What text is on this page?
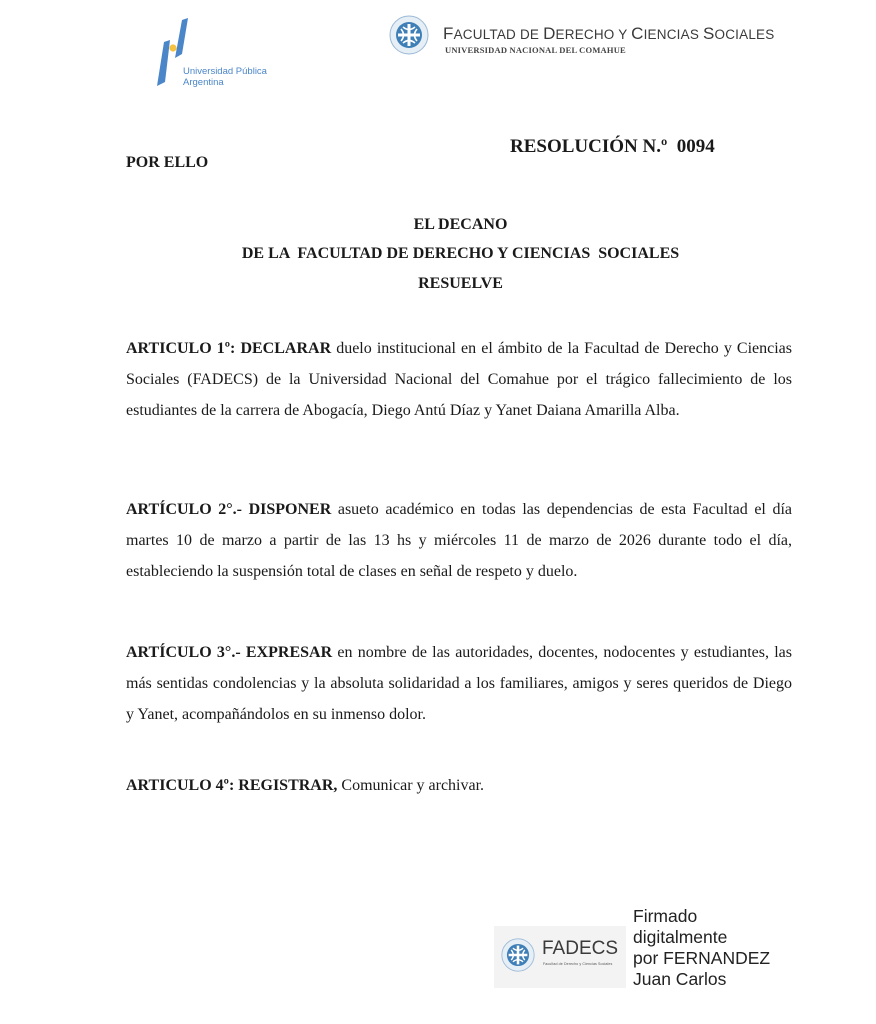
Universidad Pública
Argentina
FACULTAD DE DERECHO Y CIENCIAS SOCIALES
UNIVERSIDAD NACIONAL DEL COMAHUE
RESOLUCIÓN N.º  0094
POR ELLO
EL DECANO
DE LA  FACULTAD DE DERECHO Y CIENCIAS  SOCIALES
RESUELVE
ARTICULO 1º: DECLARAR duelo institucional en el ámbito de la Facultad de Derecho y Ciencias Sociales (FADECS) de la Universidad Nacional del Comahue por el trágico fallecimiento de los estudiantes de la carrera de Abogacía, Diego Antú Díaz y Yanet Daiana Amarilla Alba.
ARTÍCULO 2°.- DISPONER asueto académico en todas las dependencias de esta Facultad el día martes 10 de marzo a partir de las 13 hs y miércoles 11 de marzo de 2026 durante todo el día, estableciendo la suspensión total de clases en señal de respeto y duelo.
ARTÍCULO 3°.- EXPRESAR en nombre de las autoridades, docentes, nodocentes y estudiantes, las más sentidas condolencias y la absoluta solidaridad a los familiares, amigos y seres queridos de Diego y Yanet, acompañándolos en su inmenso dolor.
ARTICULO 4º: REGISTRAR, Comunicar y archivar.
FADECS
Facultad de Derecho y Ciencias Sociales
Firmado
digitalmente
por FERNANDEZ
Juan Carlos
